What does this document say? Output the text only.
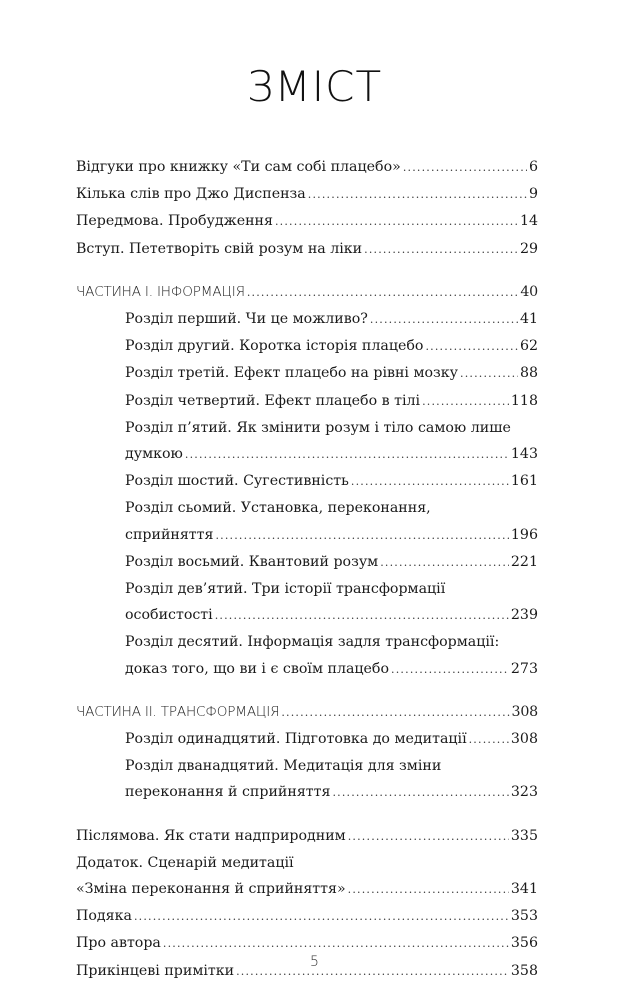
ЗМІСТ
Відгуки про книжку «Ти сам собі плацебо» .....	6
Кілька слів про Джо Диспенза .....	9
Передмова. Пробудження .....	14
Вступ. Пететворіть свій розум на ліки .....	29
ЧАСТИНА І. ІНФОРМАЦІЯ .....	40
Розділ перший. Чи це можливо? .....	41
Розділ другий. Коротка історія плацебо .....	62
Розділ третій. Ефект плацебо на рівні мозку .....	88
Розділ четвертий. Ефект плацебо в тілі .....	118
Розділ п’ятий. Як змінити розум і тіло самою лише
думкою .....	143
Розділ шостий. Сугестивність .....	161
Розділ сьомий. Установка, переконання,
сприйняття .....	196
Розділ восьмий. Квантовий розум .....	221
Розділ дев’ятий. Три історії трансформації
особистості .....	239
Розділ десятий. Інформація задля трансформації:
доказ того, що ви і є своїм плацебо .....	273
ЧАСТИНА ІІ. ТРАНСФОРМАЦІЯ .....	308
Розділ одинадцятий. Підготовка до медитації .....	308
Розділ дванадцятий. Медитація для зміни
переконання й сприйняття .....	323
Післямова. Як стати надприродним .....	335
Додаток. Сценарій медитації
«Зміна переконання й сприйняття» .....	341
Подяка .....	353
Про автора .....	356
Прикінцеві примітки .....	358
5
